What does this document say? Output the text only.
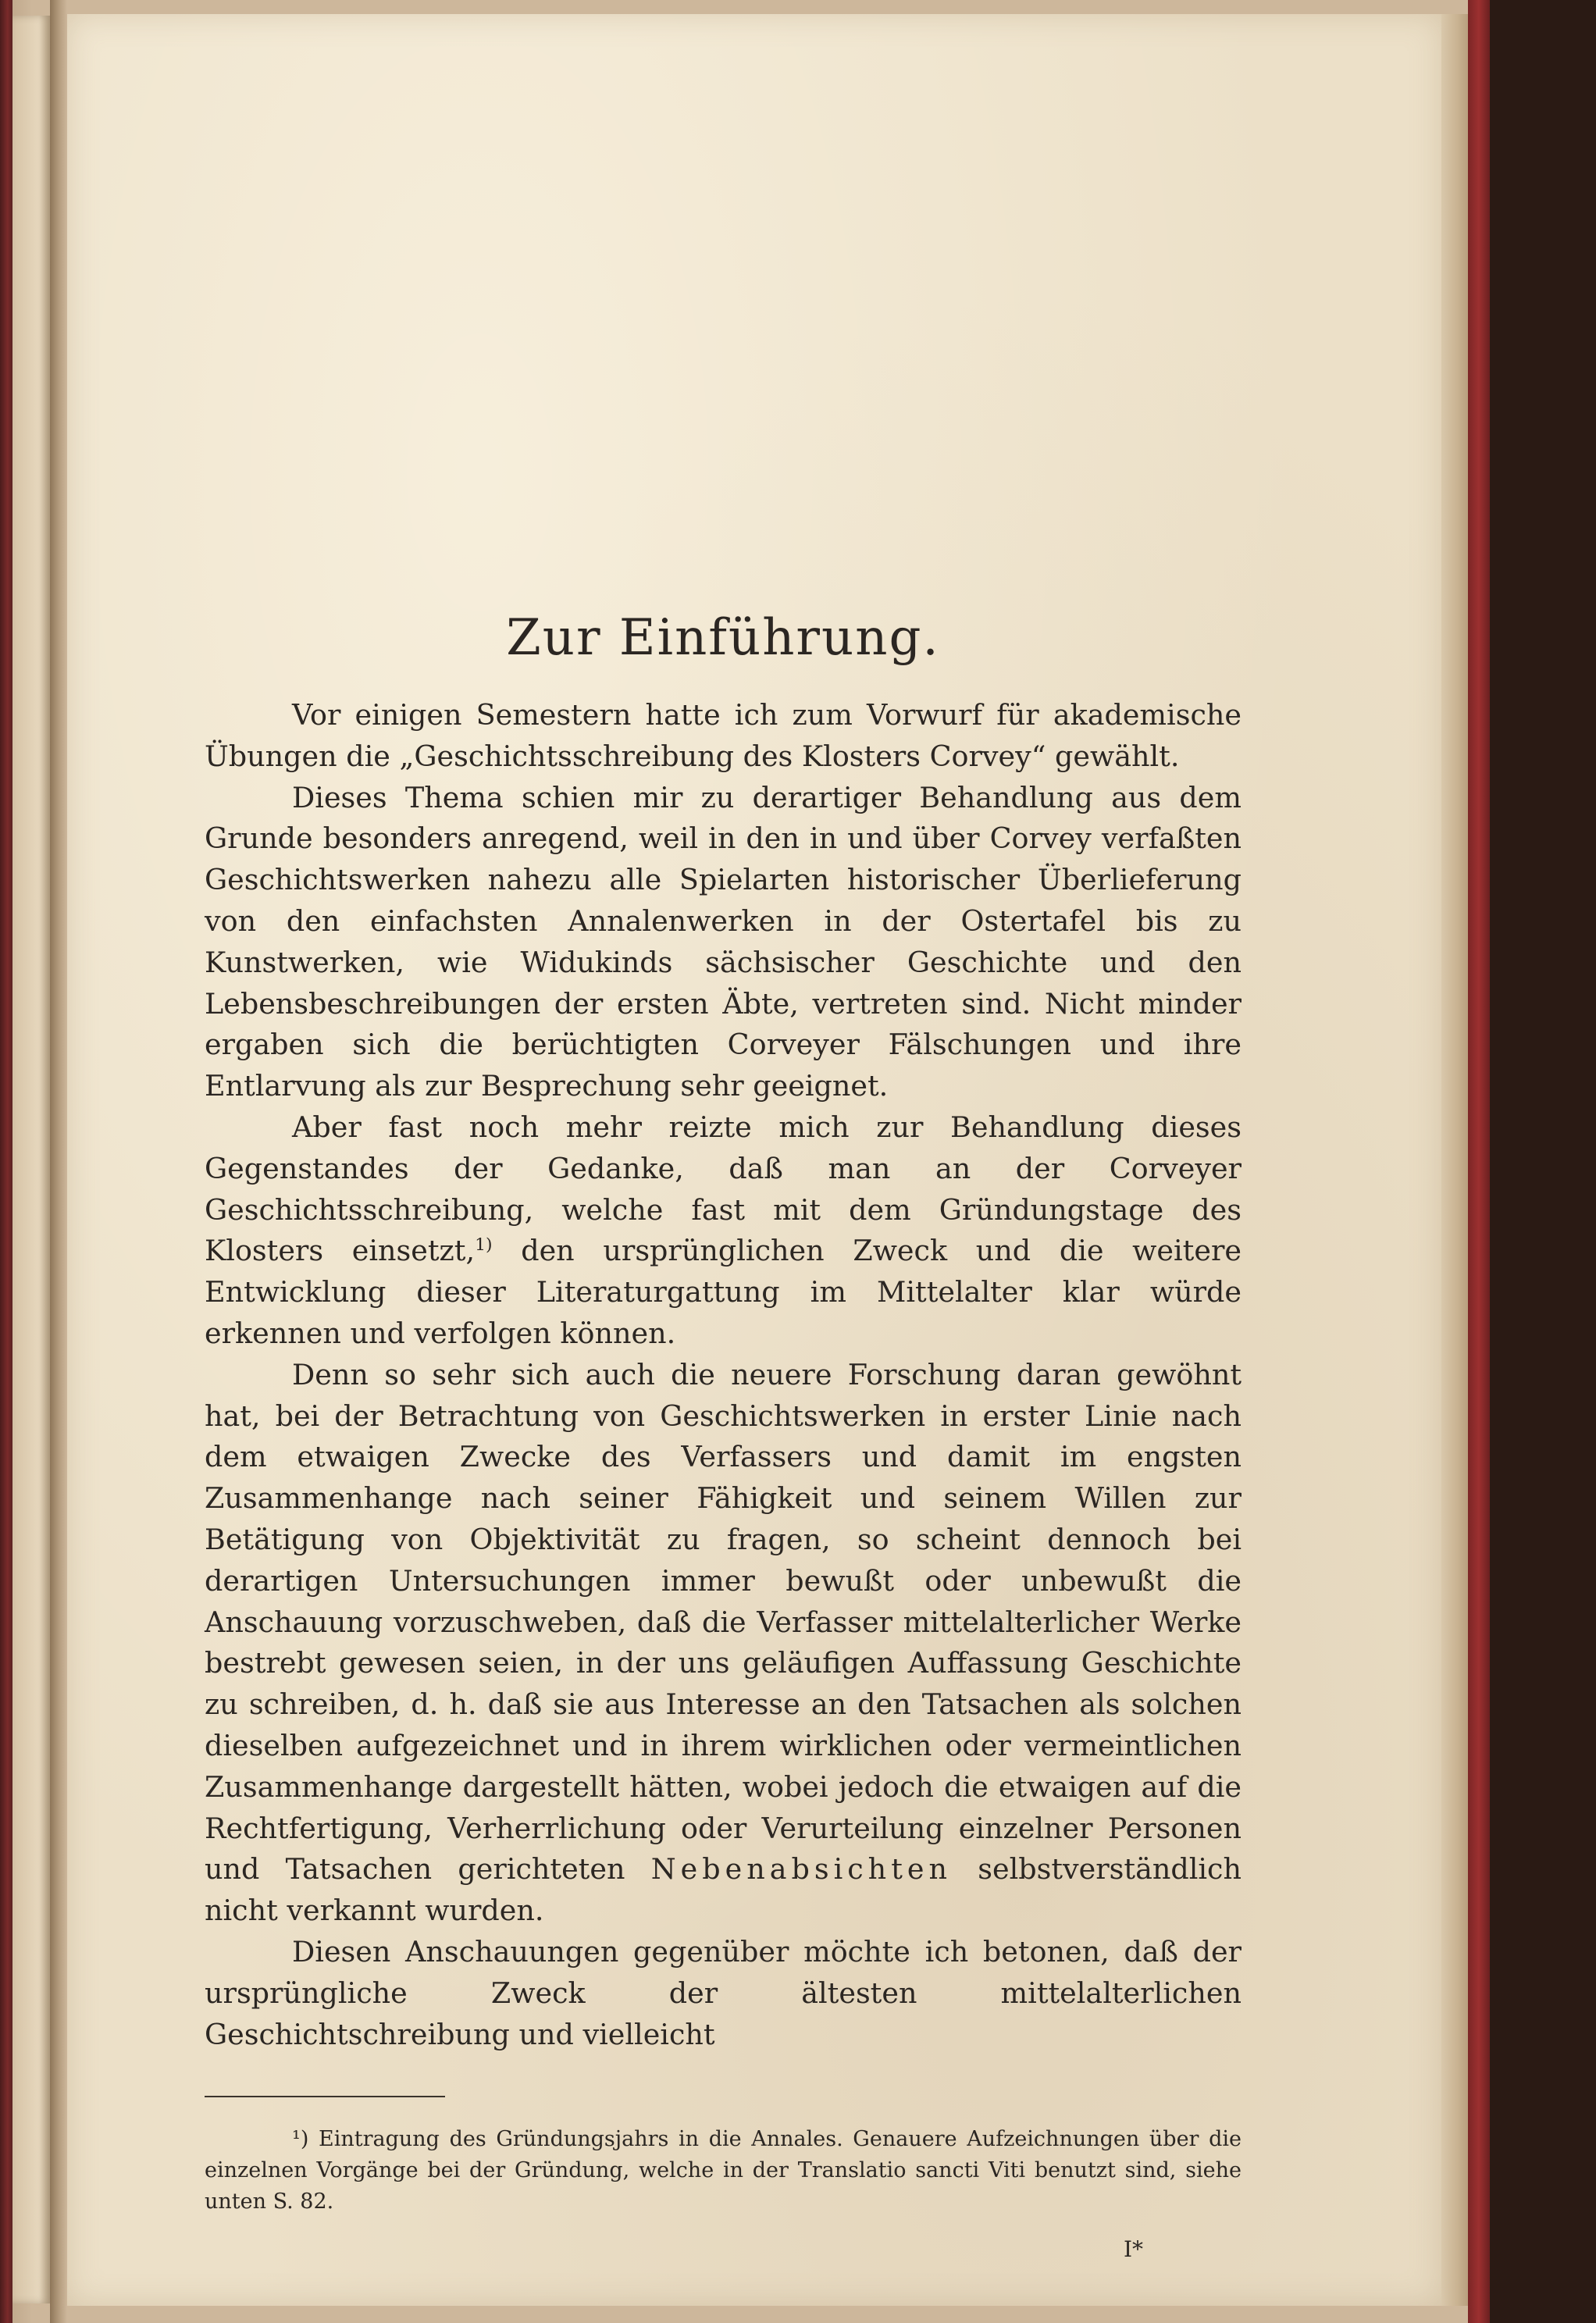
Zur Einführung.

Vor einigen Semestern hatte ich zum Vorwurf für akademische Übungen die „Geschichtsschreibung des Klosters Corvey“ gewählt.

Dieses Thema schien mir zu derartiger Behandlung aus dem Grunde besonders anregend, weil in den in und über Corvey verfaßten Geschichtswerken nahezu alle Spielarten historischer Überlieferung von den einfachsten Annalenwerken in der Ostertafel bis zu Kunstwerken, wie Widukinds sächsischer Geschichte und den Lebensbeschreibungen der ersten Äbte, vertreten sind. Nicht minder ergaben sich die berüchtigten Corveyer Fälschungen und ihre Entlarvung als zur Besprechung sehr geeignet.

Aber fast noch mehr reizte mich zur Behandlung dieses Gegenstandes der Gedanke, daß man an der Corveyer Geschichtsschreibung, welche fast mit dem Gründungstage des Klosters einsetzt,$^{1)}$ den ursprünglichen Zweck und die weitere Entwicklung dieser Literaturgattung im Mittelalter klar würde erkennen und verfolgen können.

Denn so sehr sich auch die neuere Forschung daran gewöhnt hat, bei der Betrachtung von Geschichtswerken in erster Linie nach dem etwaigen Zwecke des Verfassers und damit im engsten Zusammenhange nach seiner Fähigkeit und seinem Willen zur Betätigung von Objektivität zu fragen, so scheint dennoch bei derartigen Untersuchungen immer bewußt oder unbewußt die Anschauung vorzuschweben, daß die Verfasser mittelalterlicher Werke bestrebt gewesen seien, in der uns geläufigen Auffassung Geschichte zu schreiben, d. h. daß sie aus Interesse an den Tatsachen als solchen dieselben aufgezeichnet und in ihrem wirklichen oder vermeintlichen Zusammenhange dargestellt hätten, wobei jedoch die etwaigen auf die Rechtfertigung, Verherrlichung oder Verurteilung einzelner Personen und Tatsachen gerichteten Nebenabsichten selbstverständlich nicht verkannt wurden.

Diesen Anschauungen gegenüber möchte ich betonen, daß der ursprüngliche Zweck der ältesten mittelalterlichen Geschichtschreibung und vielleicht

¹) Eintragung des Gründungsjahrs in die Annales. Genauere Aufzeichnungen über die einzelnen Vorgänge bei der Gründung, welche in der Translatio sancti Viti benutzt sind, siehe unten S. 82.

I*
